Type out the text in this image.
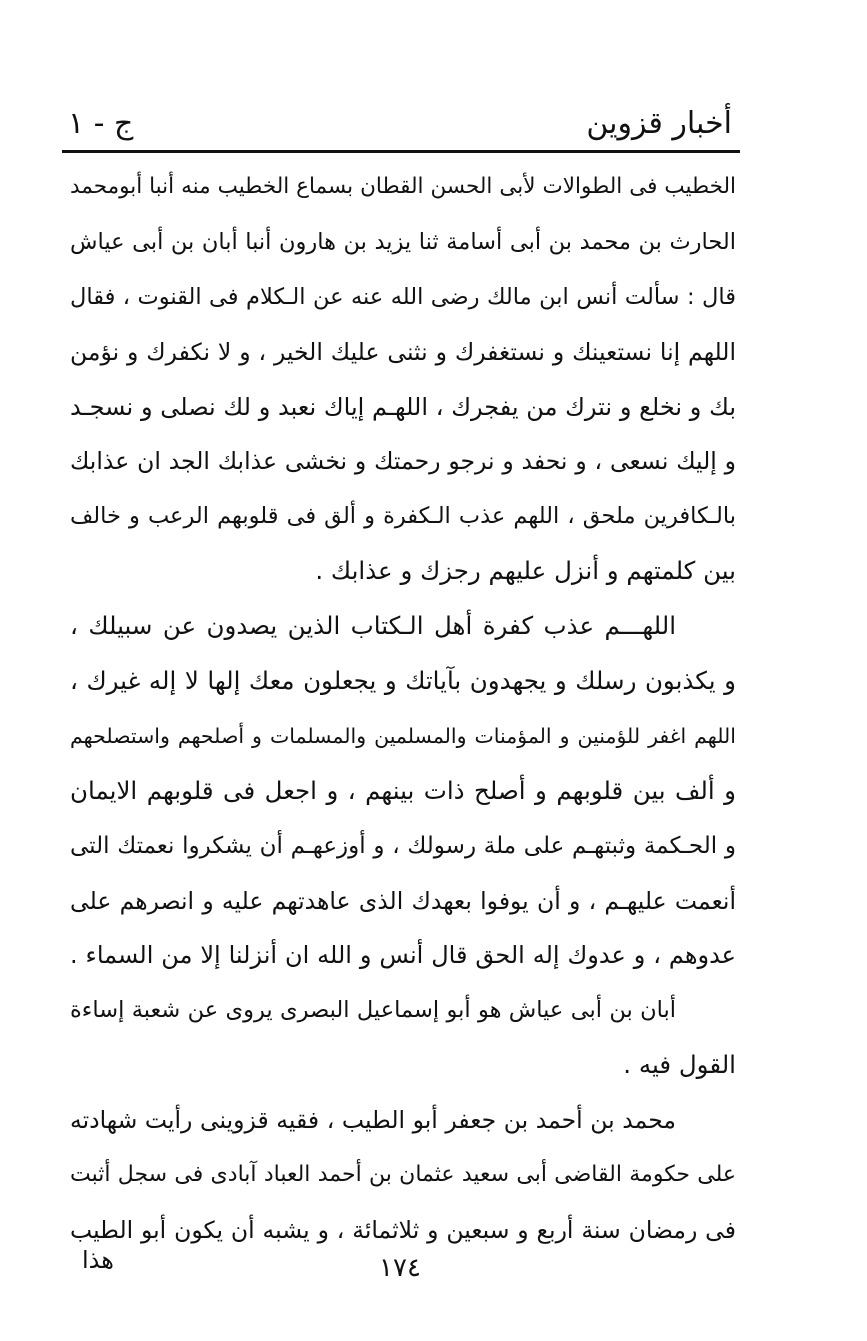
أخبار قزوين
ج - ١
الخطيب فى الطوالات لأبى الحسن القطان بسماع الخطيب منه أنبا أبومحمد
الحارث بن محمد بن أبى أسامة ثنا يزيد بن هارون أنبا أبان بن أبى عياش
قال : سألت أنس ابن مالك رضى الله عنه عن الـكلام فى القنوت ، فقال
اللهم إنا نستعينك و نستغفرك و نثنى عليك الخير ، و لا نكفرك و نؤمن
بك و نخلع و نترك من يفجرك ، اللهـم إياك نعبد و لك نصلى و نسجـد
و إليك نسعى ، و نحفد و نرجو رحمتك و نخشى عذابك الجد ان عذابك
بالـكافرين ملحق ، اللهم عذب الـكفرة و ألق فى قلوبهم الرعب و خالف
بين كلمتهم و أنزل عليهم رجزك و عذابك .
اللهـــم عذب كفرة أهل الـكتاب الذين يصدون عن سبيلك ،
و يكذبون رسلك و يجهدون بآياتك و يجعلون معك إلها لا إله غيرك ،
اللهم اغفر للؤمنين و المؤمنات والمسلمين والمسلمات و أصلحهم واستصلحهم
و ألف بين قلوبهم و أصلح ذات بينهم ، و اجعل فى قلوبهم الايمان
و الحـكمة وثبتهـم على ملة رسولك ، و أوزعهـم أن يشكروا نعمتك التى
أنعمت عليهـم ، و أن يوفوا بعهدك الذى عاهدتهم عليه و انصرهم على
عدوهم ، و عدوك إله الحق قال أنس و الله ان أنزلنا إلا من السماء .
أبان بن أبى عياش هو أبو إسماعيل البصرى يروى عن شعبة إساءة
القول فيه .
محمد بن أحمد بن جعفر أبو الطيب ، فقيه قزوينى رأيت شهادته
على حكومة القاضى أبى سعيد عثمان بن أحمد العباد آبادى فى سجل أثبت
فى رمضان سنة أربع و سبعين و ثلاثمائة ، و يشبه أن يكون أبو الطيب
١٧٤
هذا
